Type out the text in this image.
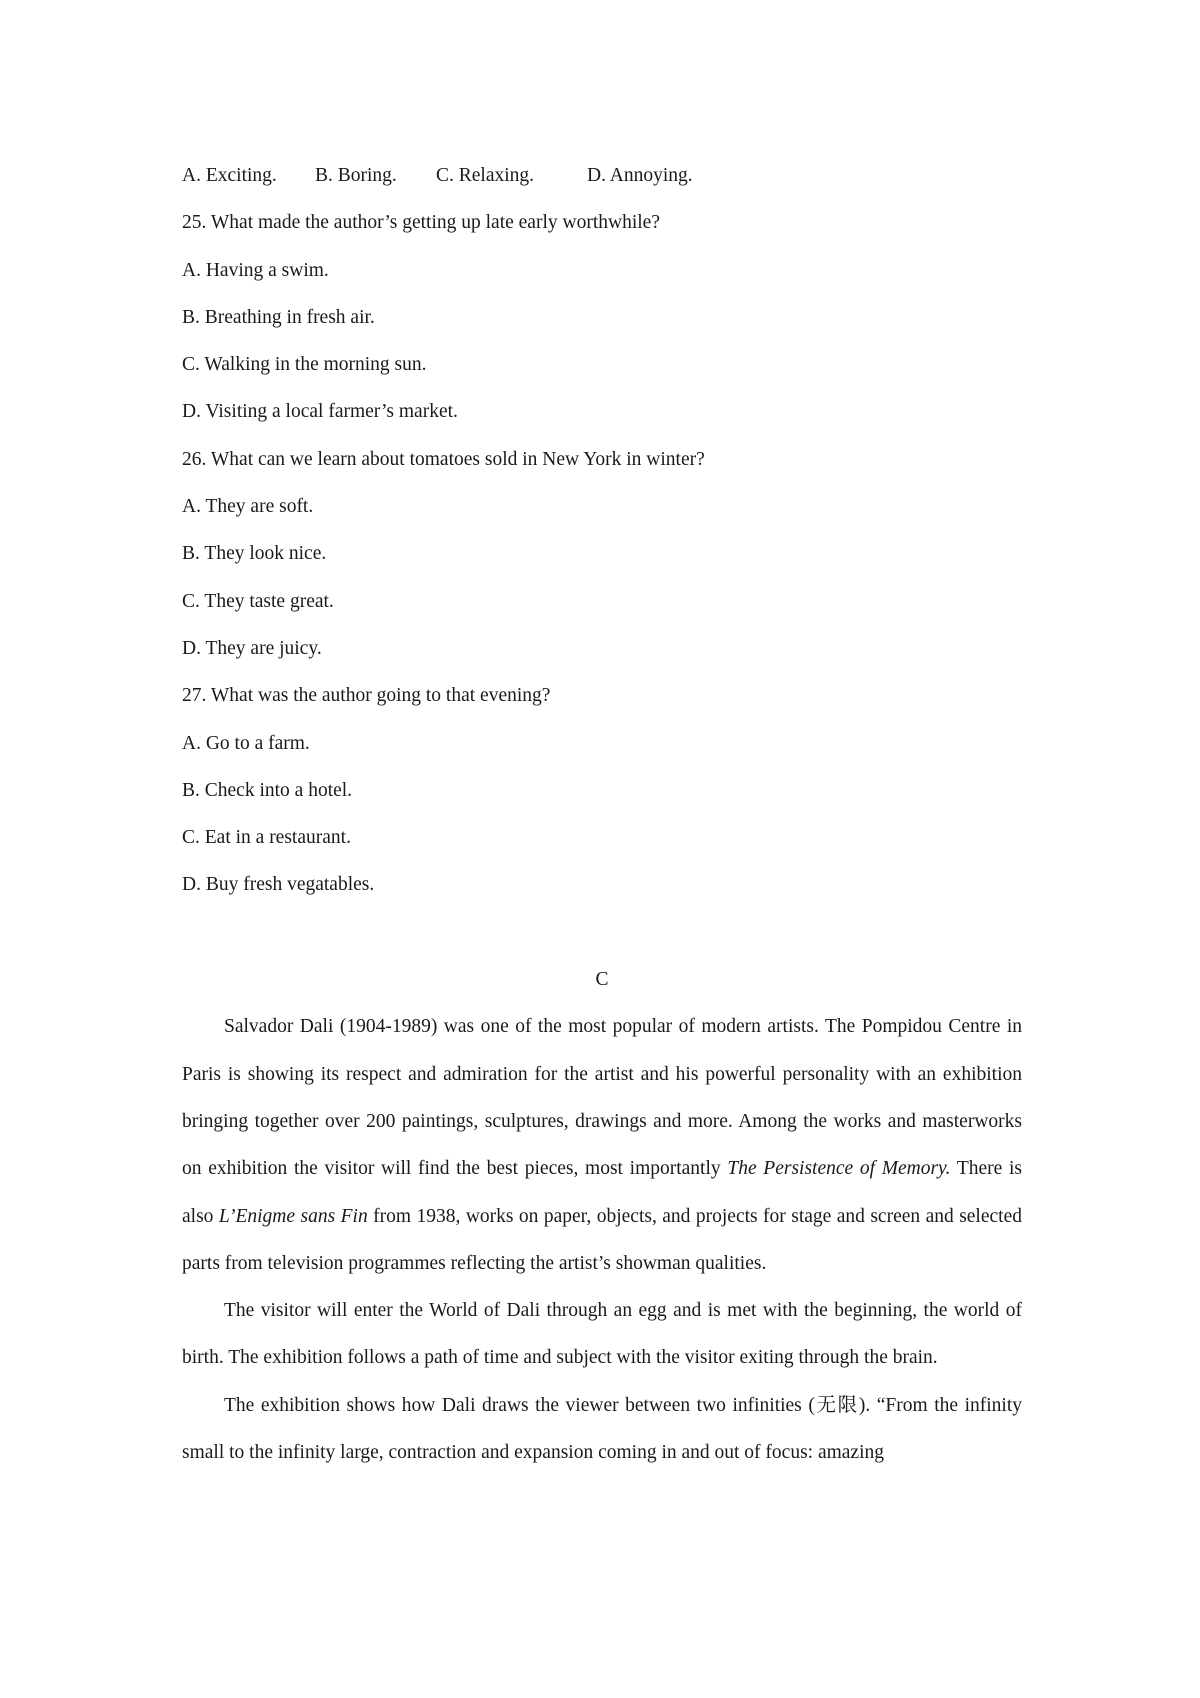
A. Exciting. B. Boring. C. Relaxing.	D. Annoying.
25. What made the author’s getting up late early worthwhile?
A. Having a swim.
B. Breathing in fresh air.
C. Walking in the morning sun.
D. Visiting a local farmer’s market.
26. What can we learn about tomatoes sold in New York in winter?
A. They are soft.
B. They look nice.
C. They taste great.
D. They are juicy.
27. What was the author going to that evening?
A. Go to a farm.
B. Check into a hotel.
C. Eat in a restaurant.
D. Buy fresh vegatables.
C

Salvador Dali (1904-1989) was one of the most popular of modern artists. The Pompidou Centre in Paris is showing its respect and admiration for the artist and his powerful personality with an exhibition bringing together over 200 paintings, sculptures, drawings and more. Among the works and masterworks on exhibition the visitor will find the best pieces, most importantly The Persistence of Memory. There is also L’Enigme sans Fin from 1938, works on paper, objects, and projects for stage and screen and selected parts from television programmes reflecting the artist’s showman qualities.

The visitor will enter the World of Dali through an egg and is met with the beginning, the world of birth. The exhibition follows a path of time and subject with the visitor exiting through the brain.

The exhibition shows how Dali draws the viewer between two infinities (无限). “From the infinity small to the infinity large, contraction and expansion coming in and out of focus: amazing
